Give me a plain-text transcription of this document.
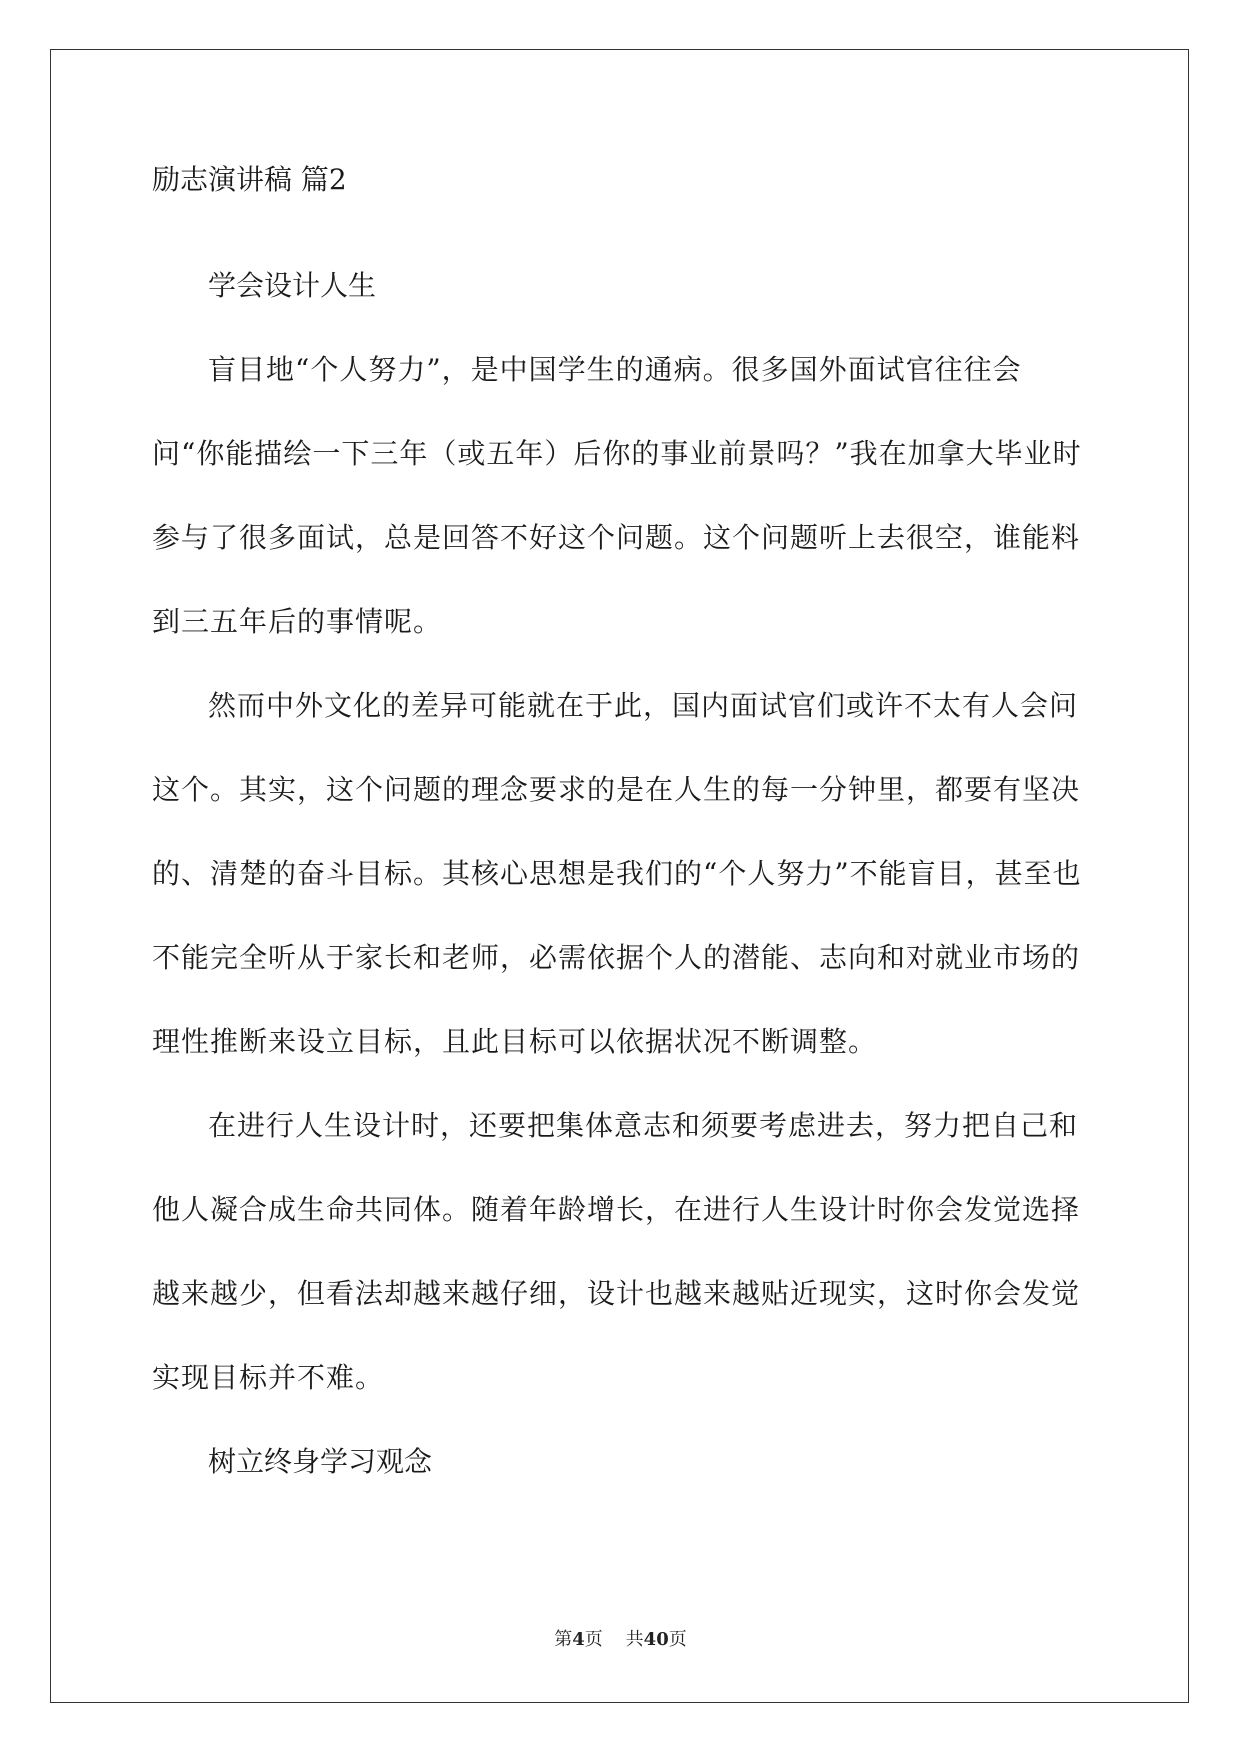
励志演讲稿 篇2

学会设计人生

盲目地“个人努力”，是中国学生的通病。很多国外面试官往往会问“你能描绘一下三年（或五年）后你的事业前景吗？”我在加拿大毕业时参与了很多面试，总是回答不好这个问题。这个问题听上去很空，谁能料到三五年后的事情呢。

然而中外文化的差异可能就在于此，国内面试官们或许不太有人会问这个。其实，这个问题的理念要求的是在人生的每一分钟里，都要有坚决的、清楚的奋斗目标。其核心思想是我们的“个人努力”不能盲目，甚至也不能完全听从于家长和老师，必需依据个人的潜能、志向和对就业市场的理性推断来设立目标，且此目标可以依据状况不断调整。

在进行人生设计时，还要把集体意志和须要考虑进去，努力把自己和他人凝合成生命共同体。随着年龄增长，在进行人生设计时你会发觉选择越来越少，但看法却越来越仔细，设计也越来越贴近现实，这时你会发觉实现目标并不难。

树立终身学习观念

第4页 共40页
